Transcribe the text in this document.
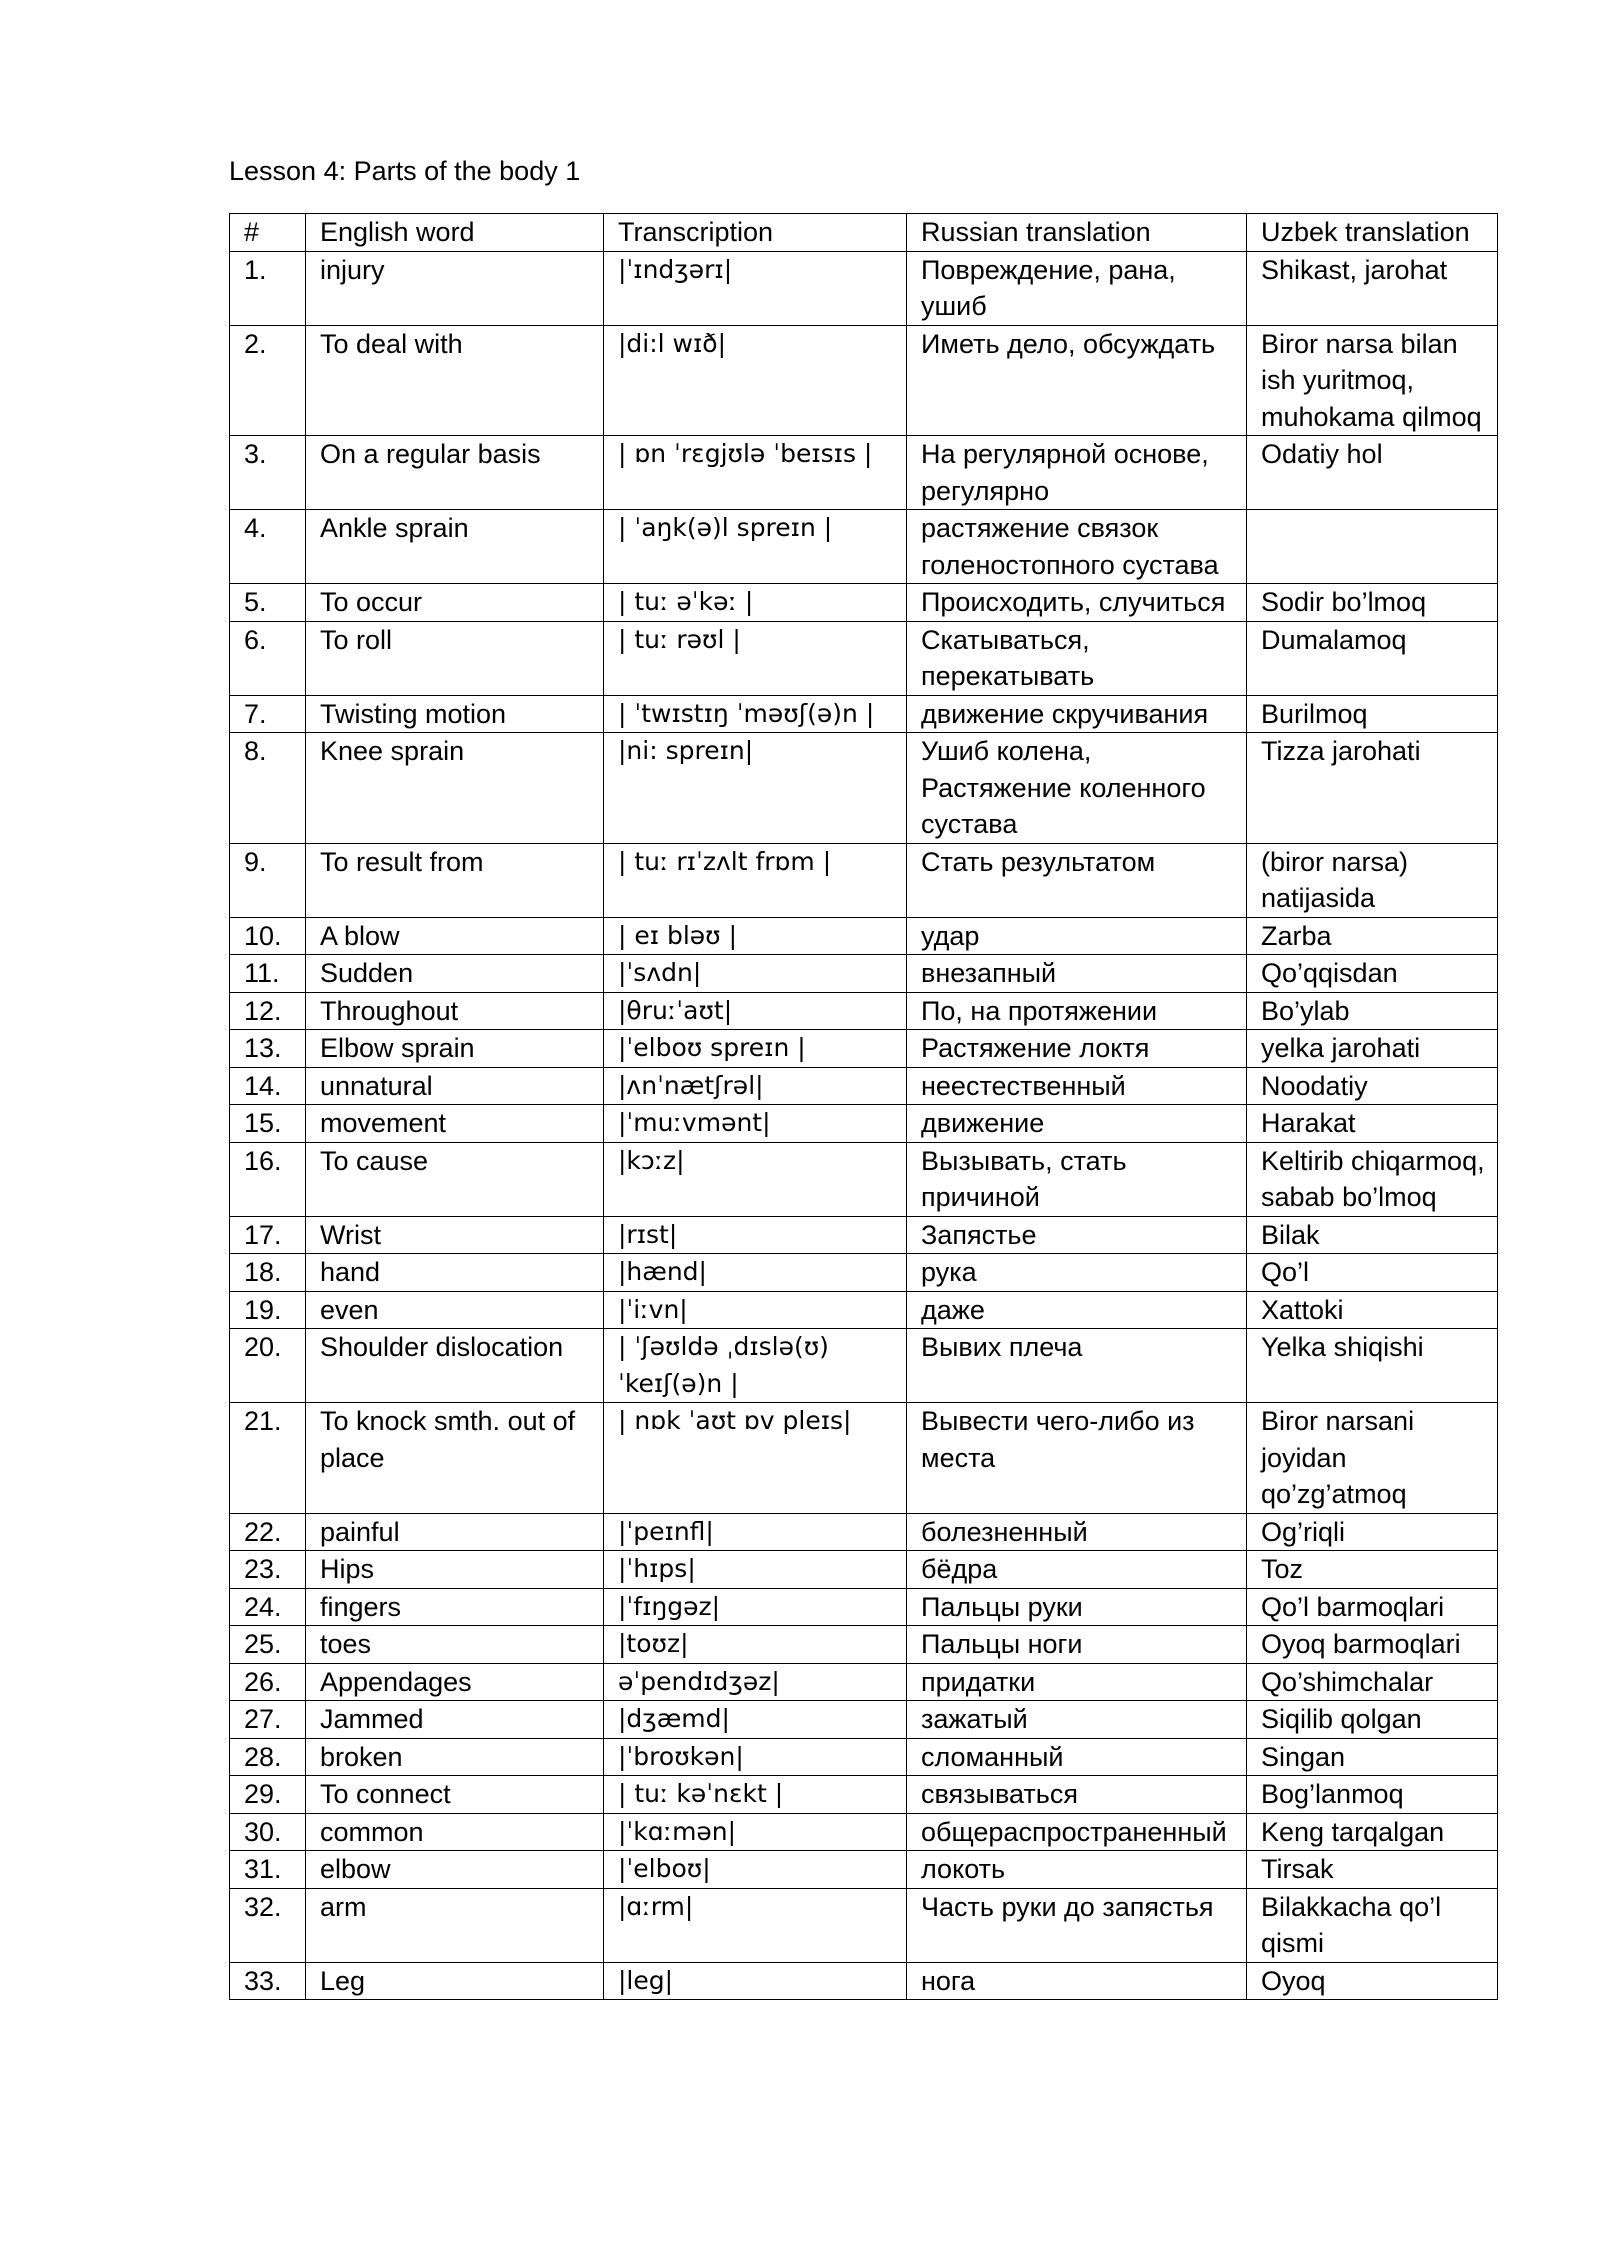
Lesson 4: Parts of the body 1
#	English word	Transcription	Russian translation	Uzbek translation
1.	injury	|ˈɪndʒərɪ|	Повреждение, рана, ушиб	Shikast, jarohat
2.	To deal with	|di:l wɪð|	Иметь дело, обсуждать	Biror narsa bilan ish yuritmoq, muhokama qilmoq
3.	On a regular basis	| ɒn ˈrɛgjʊlə ˈbeɪsɪs |	На регулярной основе, регулярно	Odatiy hol
4.	Ankle sprain	| ˈaŋk(ə)l spreɪn |	растяжение связок голеностопного сустава	
5.	To occur	| tuː əˈkəː |	Происходить, случиться	Sodir bo’lmoq
6.	To roll	| tuː rəʊl |	Скатываться, перекатывать	Dumalamoq
7.	Twisting motion	| ˈtwɪstɪŋ ˈməʊʃ(ə)n |	движение скручивания	Burilmoq
8.	Knee sprain	|ni: spreɪn|	Ушиб колена, Растяжение коленного сустава	Tizza jarohati
9.	To result from	| tuː rɪˈzʌlt frɒm |	Стать результатом	(biror narsa) natijasida
10.	A blow	| eɪ bləʊ |	удар	Zarba
11.	Sudden	|ˈsʌdn|	внезапный	Qo’qqisdan
12.	Throughout	|θruːˈaʊt|	По, на протяжении	Bo’ylab
13.	Elbow sprain	|ˈelboʊ spreɪn |	Растяжение локтя	yelka jarohati
14.	unnatural	|ʌnˈnætʃrəl|	неестественный	Noodatiy
15.	movement	|ˈmuːvmənt|	движение	Harakat
16.	To cause	|kɔːz|	Вызывать, стать причиной	Keltirib chiqarmoq, sabab bo’lmoq
17.	Wrist	|rɪst|	Запястье	Bilak
18.	hand	|hænd|	рука	Qo’l
19.	even	|ˈiːvn|	даже	Xattoki
20.	Shoulder dislocation	| ˈʃəʊldə ˌdɪslə(ʊ)ˈkeɪʃ(ə)n |	Вывих плеча	Yelka shiqishi
21.	To knock smth. out of place	| nɒk ˈaʊt ɒv pleɪs|	Вывести чего-либо из места	Biror narsani joyidan qo’zg’atmoq
22.	painful	|ˈpeɪnfl|	болезненный	Og’riqli
23.	Hips	|ˈhɪps|	бёдра	Toz
24.	fingers	|ˈfɪŋgəz|	Пальцы руки	Qo’l barmoqlari
25.	toes	|toʊz|	Пальцы ноги	Oyoq barmoqlari
26.	Appendages	əˈpendɪdʒəz|	придатки	Qo’shimchalar
27.	Jammed	|dʒæmd|	зажатый	Siqilib qolgan
28.	broken	|ˈbroʊkən|	сломанный	Singan
29.	To connect	| tuː kəˈnɛkt |	связываться	Bog’lanmoq
30.	common	|ˈkɑːmən|	общераспространенный	Keng tarqalgan
31.	elbow	|ˈelboʊ|	локоть	Tirsak
32.	arm	|ɑːrm|	Часть руки до запястья	Bilakkacha qo’l qismi
33.	Leg	|leg|	нога	Oyoq
